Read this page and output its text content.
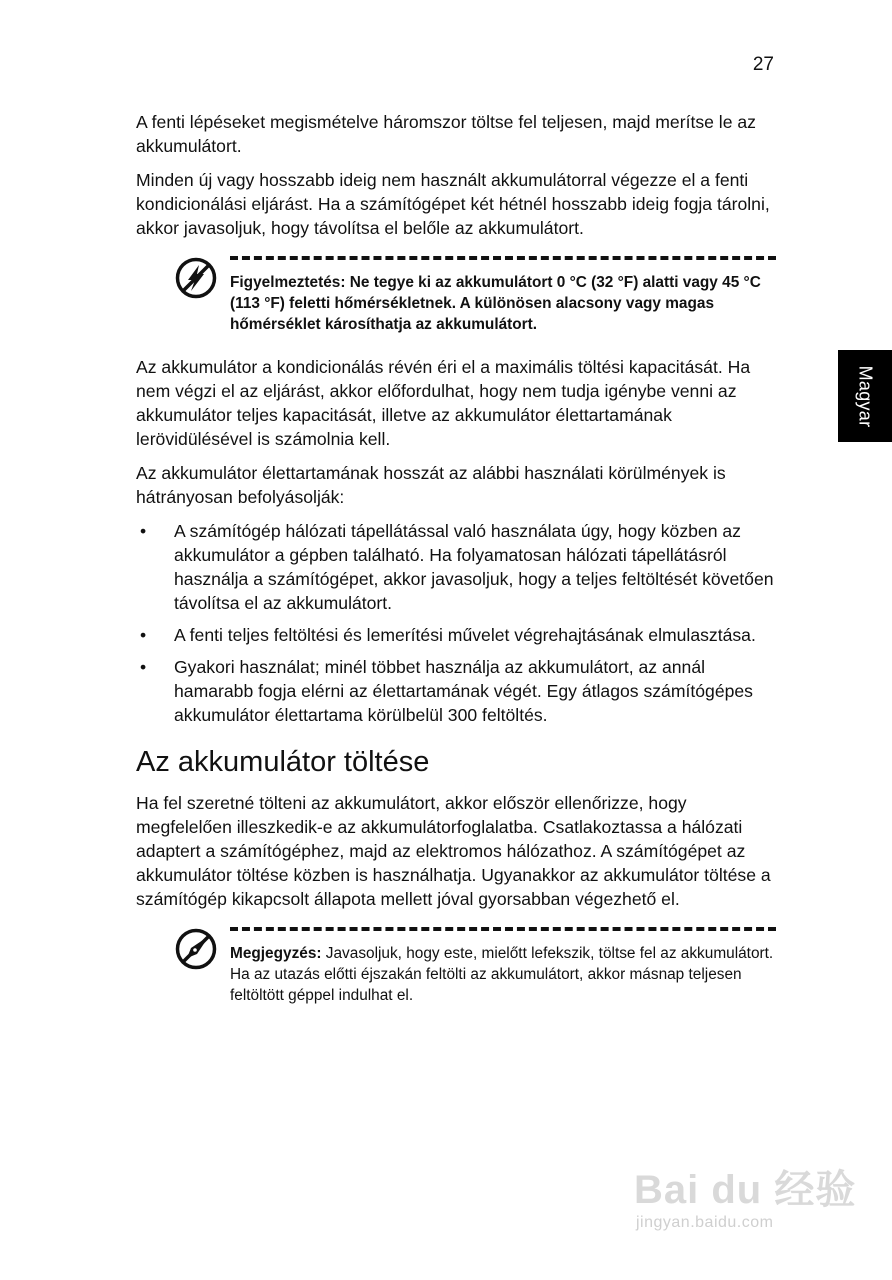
27
Magyar

A fenti lépéseket megismételve háromszor töltse fel teljesen, majd merítse le az akkumulátort.

Minden új vagy hosszabb ideig nem használt akkumulátorral végezze el a fenti kondicionálási eljárást. Ha a számítógépet két hétnél hosszabb ideig fogja tárolni, akkor javasoljuk, hogy távolítsa el belőle az akkumulátort.

Figyelmeztetés: Ne tegye ki az akkumulátort 0 °C (32 °F) alatti vagy 45 °C (113 °F) feletti hőmérsékletnek. A különösen alacsony vagy magas hőmérséklet károsíthatja az akkumulátort.

Az akkumulátor a kondicionálás révén éri el a maximális töltési kapacitását. Ha nem végzi el az eljárást, akkor előfordulhat, hogy nem tudja igénybe venni az akkumulátor teljes kapacitását, illetve az akkumulátor élettartamának lerövidülésével is számolnia kell.

Az akkumulátor élettartamának hosszát az alábbi használati körülmények is hátrányosan befolyásolják:

• A számítógép hálózati tápellátással való használata úgy, hogy közben az akkumulátor a gépben található. Ha folyamatosan hálózati tápellátásról használja a számítógépet, akkor javasoljuk, hogy a teljes feltöltését követően távolítsa el az akkumulátort.
• A fenti teljes feltöltési és lemerítési művelet végrehajtásának elmulasztása.
• Gyakori használat; minél többet használja az akkumulátort, az annál hamarabb fogja elérni az élettartamának végét. Egy átlagos számítógépes akkumulátor élettartama körülbelül 300 feltöltés.
Az akkumulátor töltése

Ha fel szeretné tölteni az akkumulátort, akkor először ellenőrizze, hogy megfelelően illeszkedik-e az akkumulátorfoglalatba. Csatlakoztassa a hálózati adaptert a számítógéphez, majd az elektromos hálózathoz. A számítógépet az akkumulátor töltése közben is használhatja. Ugyanakkor az akkumulátor töltése a számítógép kikapcsolt állapota mellett jóval gyorsabban végezhető el.

Megjegyzés: Javasoljuk, hogy este, mielőtt lefekszik, töltse fel az akkumulátort. Ha az utazás előtti éjszakán feltölti az akkumulátort, akkor másnap teljesen feltöltött géppel indulhat el.

Bai du 经验
jingyan.baidu.com
